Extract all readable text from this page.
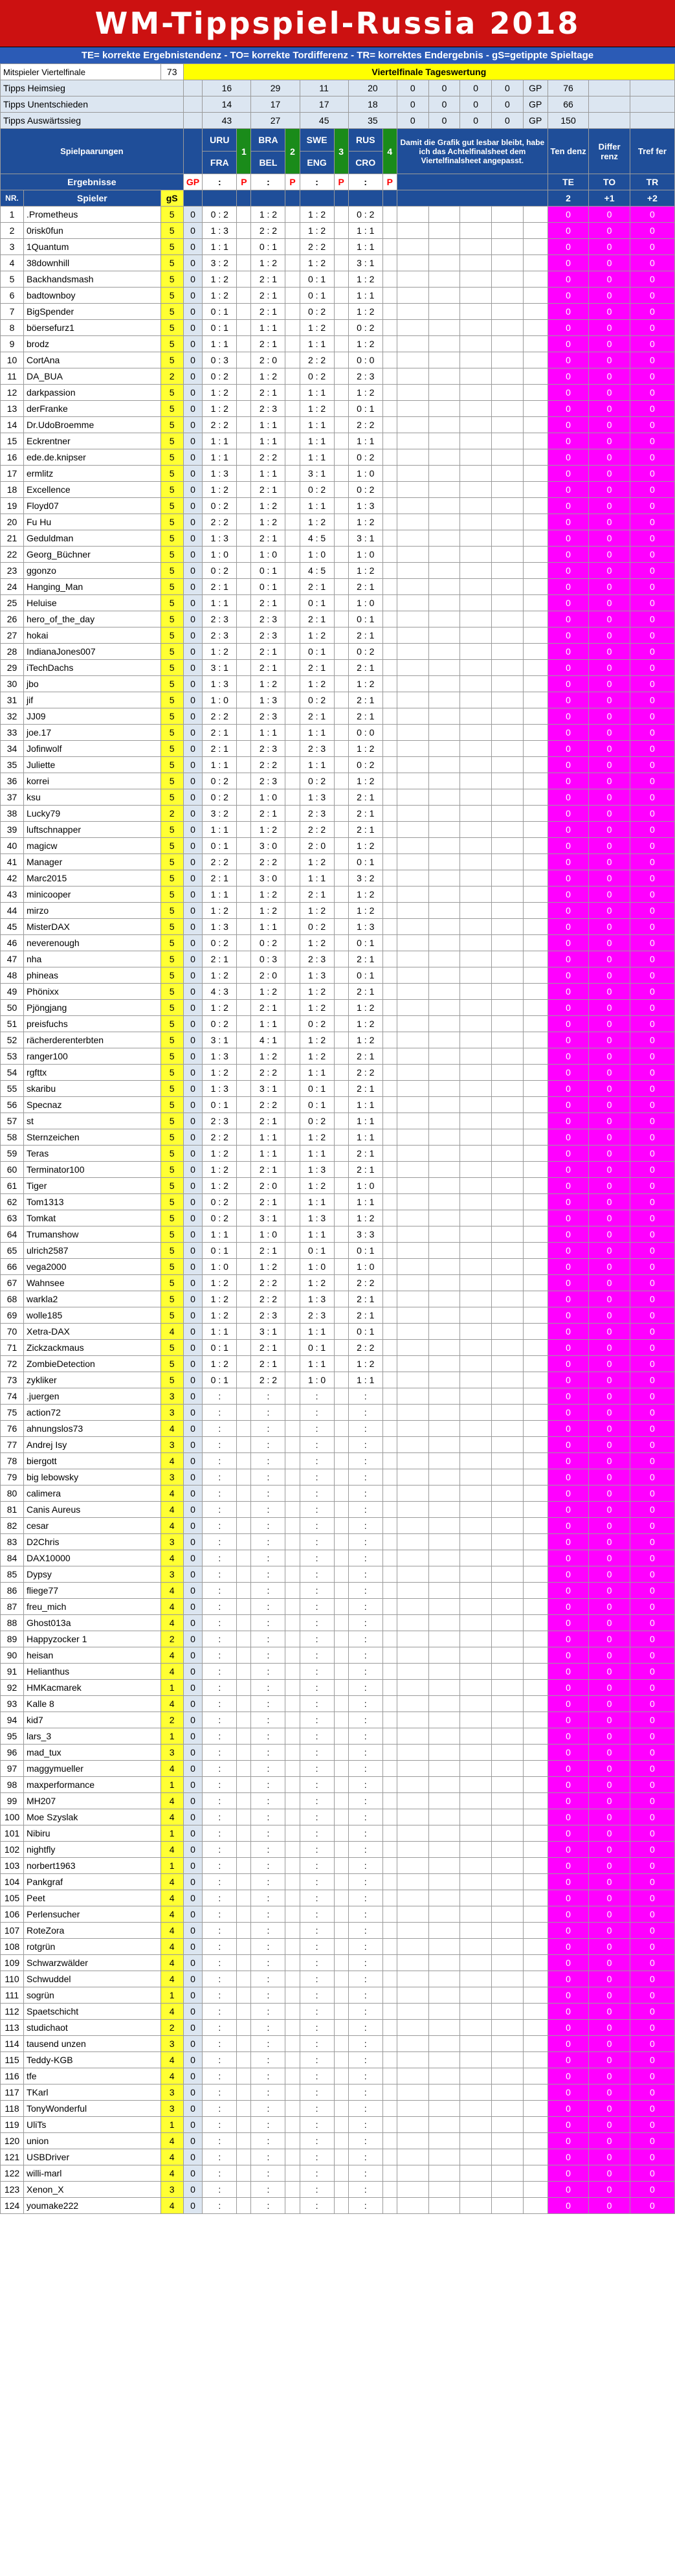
WM-Tippspiel-Russia 2018
TE= korrekte Ergebnistendenz - TO= korrekte Tordifferenz - TR= korrektes Endergebnis - gS=getippte Spieltage
Mitspieler Viertelfinale		73	Viertelfinale Tageswertung																
Tipps Heimsieg				16		29		11		20		0	0	0	0	GP	76		
Tipps Unentschieden				14		17		17		18		0	0	0	0	GP	66		
Tipps Auswärtssieg				43		27		45		35		0	0	0	0	GP	150		
Spielpaarungen				URU	1	BRA	2	SWE	3	RUS	4	Damit die Grafik gut lesbar bleibt, habe ich das Achtelfinalsheet dem Viertelfinalsheet angepasst.					Ten denz	Differ renz	Tref fer
				FRA		BEL		ENG		CRO									
Ergebnisse			GP	:	P	:	P	:	P	:	P						TE	TO	TR
NR.	Spieler	gS															2	+1	+2
1	.Prometheus	5	0	0 : 2		1 : 2		1 : 2		0 : 2							0	0	0
2	0risk0fun	5	0	1 : 3		2 : 2		1 : 2		1 : 1							0	0	0
3	1Quantum	5	0	1 : 1		0 : 1		2 : 2		1 : 1							0	0	0
4	38downhill	5	0	3 : 2		1 : 2		1 : 2		3 : 1							0	0	0
5	Backhandsmash	5	0	1 : 2		2 : 1		0 : 1		1 : 2							0	0	0
6	badtownboy	5	0	1 : 2		2 : 1		0 : 1		1 : 1							0	0	0
7	BigSpender	5	0	0 : 1		2 : 1		0 : 2		1 : 2							0	0	0
8	böersefurz1	5	0	0 : 1		1 : 1		1 : 2		0 : 2							0	0	0
9	brodz	5	0	1 : 1		2 : 1		1 : 1		1 : 2							0	0	0
10	CortAna	5	0	0 : 3		2 : 0		2 : 2		0 : 0							0	0	0
11	DA_BUA	2	0	0 : 2		1 : 2		0 : 2		2 : 3							0	0	0
12	darkpassion	5	0	1 : 2		2 : 1		1 : 1		1 : 2							0	0	0
13	derFranke	5	0	1 : 2		2 : 3		1 : 2		0 : 1							0	0	0
14	Dr.UdoBroemme	5	0	2 : 2		1 : 1		1 : 1		2 : 2							0	0	0
15	Eckrentner	5	0	1 : 1		1 : 1		1 : 1		1 : 1							0	0	0
16	ede.de.knipser	5	0	1 : 1		2 : 2		1 : 1		0 : 2							0	0	0
17	ermlitz	5	0	1 : 3		1 : 1		3 : 1		1 : 0							0	0	0
18	Excellence	5	0	1 : 2		2 : 1		0 : 2		0 : 2							0	0	0
19	Floyd07	5	0	0 : 2		1 : 2		1 : 1		1 : 3							0	0	0
20	Fu Hu	5	0	2 : 2		1 : 2		1 : 2		1 : 2							0	0	0
21	Geduldman	5	0	1 : 3		2 : 1		4 : 5		3 : 1							0	0	0
22	Georg_Büchner	5	0	1 : 0		1 : 0		1 : 0		1 : 0							0	0	0
23	ggonzo	5	0	0 : 2		0 : 1		4 : 5		1 : 2							0	0	0
24	Hanging_Man	5	0	2 : 1		0 : 1		2 : 1		2 : 1							0	0	0
25	Heluise	5	0	1 : 1		2 : 1		0 : 1		1 : 0							0	0	0
26	hero_of_the_day	5	0	2 : 3		2 : 3		2 : 1		0 : 1							0	0	0
27	hokai	5	0	2 : 3		2 : 3		1 : 2		2 : 1							0	0	0
28	IndianaJones007	5	0	1 : 2		2 : 1		0 : 1		0 : 2							0	0	0
29	iTechDachs	5	0	3 : 1		2 : 1		2 : 1		2 : 1							0	0	0
30	jbo	5	0	1 : 3		1 : 2		1 : 2		1 : 2							0	0	0
31	jif	5	0	1 : 0		1 : 3		0 : 2		2 : 1							0	0	0
32	JJ09	5	0	2 : 2		2 : 3		2 : 1		2 : 1							0	0	0
33	joe.17	5	0	2 : 1		1 : 1		1 : 1		0 : 0							0	0	0
34	Jofinwolf	5	0	2 : 1		2 : 3		2 : 3		1 : 2							0	0	0
35	Juliette	5	0	1 : 1		2 : 2		1 : 1		0 : 2							0	0	0
36	korrei	5	0	0 : 2		2 : 3		0 : 2		1 : 2							0	0	0
37	ksu	5	0	0 : 2		1 : 0		1 : 3		2 : 1							0	0	0
38	Lucky79	2	0	3 : 2		2 : 1		2 : 3		2 : 1							0	0	0
39	luftschnapper	5	0	1 : 1		1 : 2		2 : 2		2 : 1							0	0	0
40	magicw	5	0	0 : 1		3 : 0		2 : 0		1 : 2							0	0	0
41	Manager	5	0	2 : 2		2 : 2		1 : 2		0 : 1							0	0	0
42	Marc2015	5	0	2 : 1		3 : 0		1 : 1		3 : 2							0	0	0
43	minicooper	5	0	1 : 1		1 : 2		2 : 1		1 : 2							0	0	0
44	mirzo	5	0	1 : 2		1 : 2		1 : 2		1 : 2							0	0	0
45	MisterDAX	5	0	1 : 3		1 : 1		0 : 2		1 : 3							0	0	0
46	neverenough	5	0	0 : 2		0 : 2		1 : 2		0 : 1							0	0	0
47	nha	5	0	2 : 1		0 : 3		2 : 3		2 : 1							0	0	0
48	phineas	5	0	1 : 2		2 : 0		1 : 3		0 : 1							0	0	0
49	Phönixx	5	0	4 : 3		1 : 2		1 : 2		2 : 1							0	0	0
50	Pjöngjang	5	0	1 : 2		2 : 1		1 : 2		1 : 2							0	0	0
51	preisfuchs	5	0	0 : 2		1 : 1		0 : 2		1 : 2							0	0	0
52	rächerderenterbten	5	0	3 : 1		4 : 1		1 : 2		1 : 2							0	0	0
53	ranger100	5	0	1 : 3		1 : 2		1 : 2		2 : 1							0	0	0
54	rgfttx	5	0	1 : 2		2 : 2		1 : 1		2 : 2							0	0	0
55	skaribu	5	0	1 : 3		3 : 1		0 : 1		2 : 1							0	0	0
56	Specnaz	5	0	0 : 1		2 : 2		0 : 1		1 : 1							0	0	0
57	st	5	0	2 : 3		2 : 1		0 : 2		1 : 1							0	0	0
58	Sternzeichen	5	0	2 : 2		1 : 1		1 : 2		1 : 1							0	0	0
59	Teras	5	0	1 : 2		1 : 1		1 : 1		2 : 1							0	0	0
60	Terminator100	5	0	1 : 2		2 : 1		1 : 3		2 : 1							0	0	0
61	Tiger	5	0	1 : 2		2 : 0		1 : 2		1 : 0							0	0	0
62	Tom1313	5	0	0 : 2		2 : 1		1 : 1		1 : 1							0	0	0
63	Tomkat	5	0	0 : 2		3 : 1		1 : 3		1 : 2							0	0	0
64	Trumanshow	5	0	1 : 1		1 : 0		1 : 1		3 : 3							0	0	0
65	ulrich2587	5	0	0 : 1		2 : 1		0 : 1		0 : 1							0	0	0
66	vega2000	5	0	1 : 0		1 : 2		1 : 0		1 : 0							0	0	0
67	Wahnsee	5	0	1 : 2		2 : 2		1 : 2		2 : 2							0	0	0
68	warkla2	5	0	1 : 2		2 : 2		1 : 3		2 : 1							0	0	0
69	wolle185	5	0	1 : 2		2 : 3		2 : 3		2 : 1							0	0	0
70	Xetra-DAX	4	0	1 : 1		3 : 1		1 : 1		0 : 1							0	0	0
71	Zickzackmaus	5	0	0 : 1		2 : 1		0 : 1		2 : 2							0	0	0
72	ZombieDetection	5	0	1 : 2		2 : 1		1 : 1		1 : 2							0	0	0
73	zykliker	5	0	0 : 1		2 : 2		1 : 0		1 : 1							0	0	0
74	.juergen	3	0	:		:		:		:							0	0	0
75	action72	3	0	:		:		:		:							0	0	0
76	ahnungslos73	4	0	:		:		:		:							0	0	0
77	Andrej Isy	3	0	:		:		:		:							0	0	0
78	biergott	4	0	:		:		:		:							0	0	0
79	big lebowsky	3	0	:		:		:		:							0	0	0
80	calimera	4	0	:		:		:		:							0	0	0
81	Canis Aureus	4	0	:		:		:		:							0	0	0
82	cesar	4	0	:		:		:		:							0	0	0
83	D2Chris	3	0	:		:		:		:							0	0	0
84	DAX10000	4	0	:		:		:		:							0	0	0
85	Dypsy	3	0	:		:		:		:							0	0	0
86	fliege77	4	0	:		:		:		:							0	0	0
87	freu_mich	4	0	:		:		:		:							0	0	0
88	Ghost013a	4	0	:		:		:		:							0	0	0
89	Happyzocker 1	2	0	:		:		:		:							0	0	0
90	heisan	4	0	:		:		:		:							0	0	0
91	Helianthus	4	0	:		:		:		:							0	0	0
92	HMKacmarek	1	0	:		:		:		:							0	0	0
93	Kalle 8	4	0	:		:		:		:							0	0	0
94	kid7	2	0	:		:		:		:							0	0	0
95	lars_3	1	0	:		:		:		:							0	0	0
96	mad_tux	3	0	:		:		:		:							0	0	0
97	maggymueller	4	0	:		:		:		:							0	0	0
98	maxperformance	1	0	:		:		:		:							0	0	0
99	MH207	4	0	:		:		:		:							0	0	0
100	Moe Szyslak	4	0	:		:		:		:							0	0	0
101	Nibiru	1	0	:		:		:		:							0	0	0
102	nightfly	4	0	:		:		:		:							0	0	0
103	norbert1963	1	0	:		:		:		:							0	0	0
104	Pankgraf	4	0	:		:		:		:							0	0	0
105	Peet	4	0	:		:		:		:							0	0	0
106	Perlensucher	4	0	:		:		:		:							0	0	0
107	RoteZora	4	0	:		:		:		:							0	0	0
108	rotgrün	4	0	:		:		:		:							0	0	0
109	Schwarzwälder	4	0	:		:		:		:							0	0	0
110	Schwuddel	4	0	:		:		:		:							0	0	0
111	sogrün	1	0	:		:		:		:							0	0	0
112	Spaetschicht	4	0	:		:		:		:							0	0	0
113	studichaot	2	0	:		:		:		:							0	0	0
114	tausend unzen	3	0	:		:		:		:							0	0	0
115	Teddy-KGB	4	0	:		:		:		:							0	0	0
116	tfe	4	0	:		:		:		:							0	0	0
117	TKarl	3	0	:		:		:		:							0	0	0
118	TonyWonderful	3	0	:		:		:		:							0	0	0
119	UliTs	1	0	:		:		:		:							0	0	0
120	union	4	0	:		:		:		:							0	0	0
121	USBDriver	4	0	:		:		:		:							0	0	0
122	willi-marl	4	0	:		:		:		:							0	0	0
123	Xenon_X	3	0	:		:		:		:							0	0	0
124	youmake222	4	0	:		:		:		:							0	0	0
